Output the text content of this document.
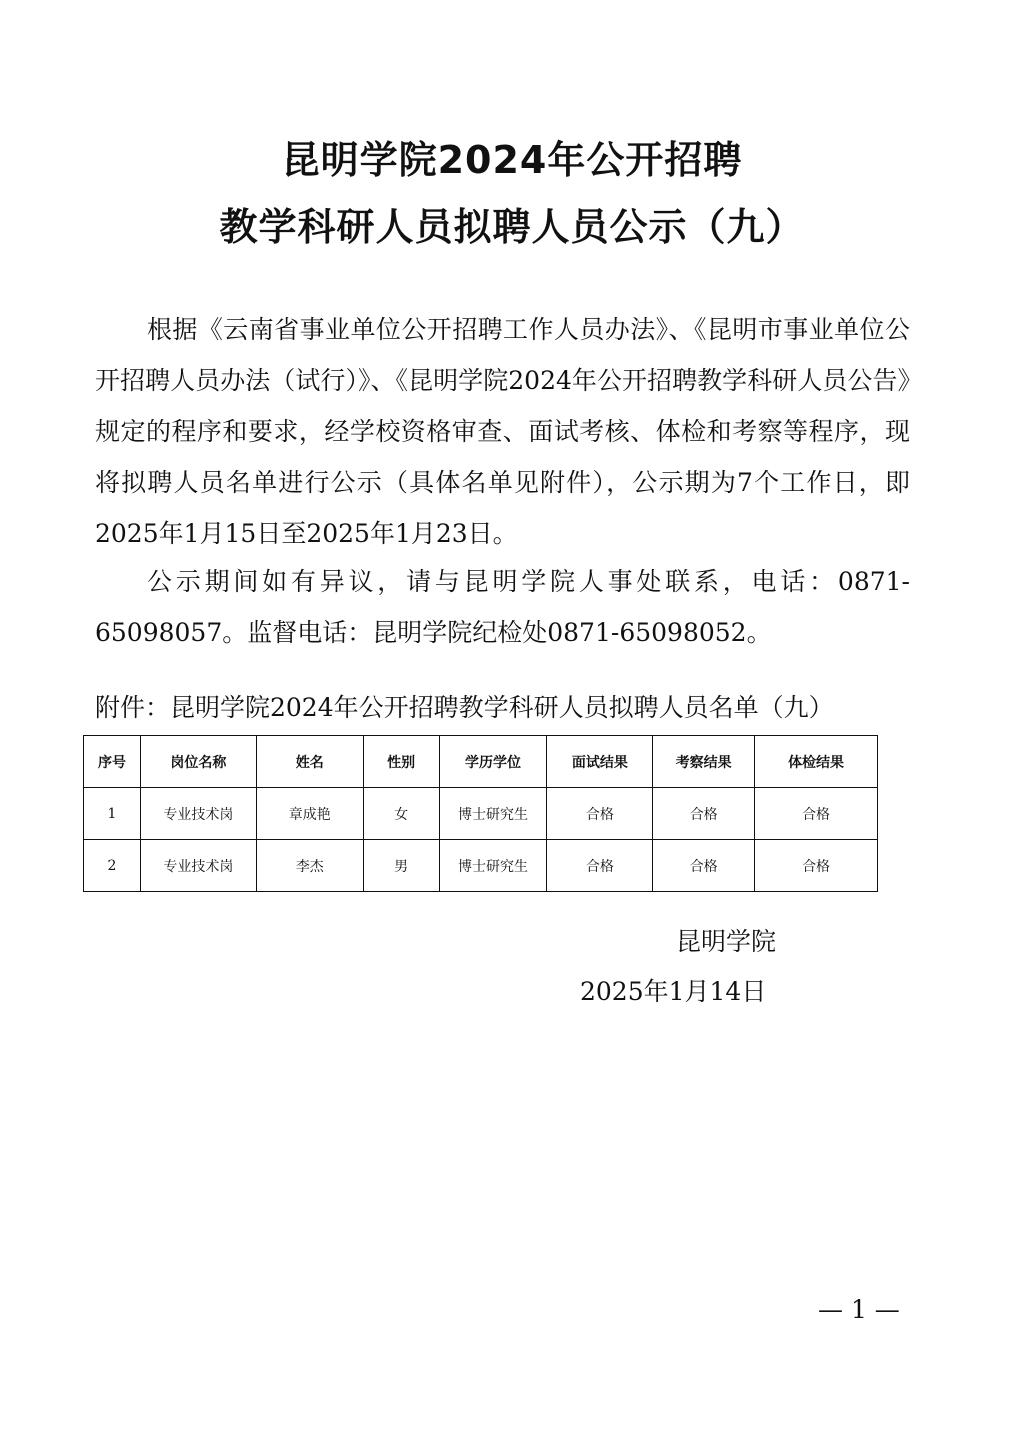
昆明学院2024年公开招聘
教学科研人员拟聘人员公示（九）

根据《云南省事业单位公开招聘工作人员办法》、《昆明市事业单位公开招聘人员办法（试行）》、《昆明学院2024年公开招聘教学科研人员公告》规定的程序和要求，经学校资格审查、面试考核、体检和考察等程序，现将拟聘人员名单进行公示（具体名单见附件），公示期为7个工作日，即2025年1月15日至2025年1月23日。

公示期间如有异议，请与昆明学院人事处联系，电话：0871-65098057。监督电话：昆明学院纪检处0871-65098052。

附件：昆明学院2024年公开招聘教学科研人员拟聘人员名单（九）
序号	岗位名称	姓名	性别	学历学位	面试结果	考察结果	体检结果
1	专业技术岗	章成艳	女	博士研究生	合格	合格	合格
2	专业技术岗	李杰	男	博士研究生	合格	合格	合格
昆明学院
2025年1月14日
— 1 —
